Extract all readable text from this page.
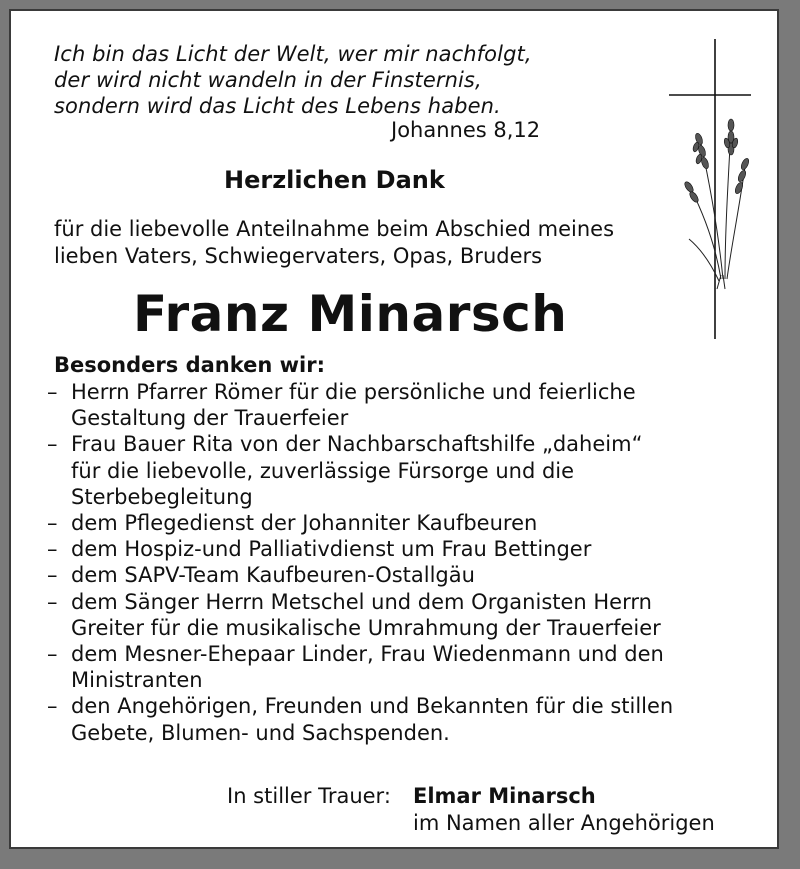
Ich bin das Licht der Welt, wer mir nachfolgt,
der wird nicht wandeln in der Finsternis,
sondern wird das Licht des Lebens haben.
Johannes 8,12
Herzlichen Dank
für die liebevolle Anteilnahme beim Abschied meines
lieben Vaters, Schwiegervaters, Opas, Bruders
Franz Minarsch
Besonders danken wir:
– Herrn Pfarrer Römer für die persönliche und feierliche
Gestaltung der Trauerfeier
– Frau Bauer Rita von der Nachbarschaftshilfe „daheim“
für die liebevolle, zuverlässige Fürsorge und die
Sterbebegleitung
– dem Pflegedienst der Johanniter Kaufbeuren
– dem Hospiz-und Palliativdienst um Frau Bettinger
– dem SAPV-Team Kaufbeuren-Ostallgäu
– dem Sänger Herrn Metschel und dem Organisten Herrn
Greiter für die musikalische Umrahmung der Trauerfeier
– dem Mesner-Ehepaar Linder, Frau Wiedenmann und den
Ministranten
– den Angehörigen, Freunden und Bekannten für die stillen
Gebete, Blumen- und Sachspenden.
In stiller Trauer: Elmar Minarsch
im Namen aller Angehörigen
